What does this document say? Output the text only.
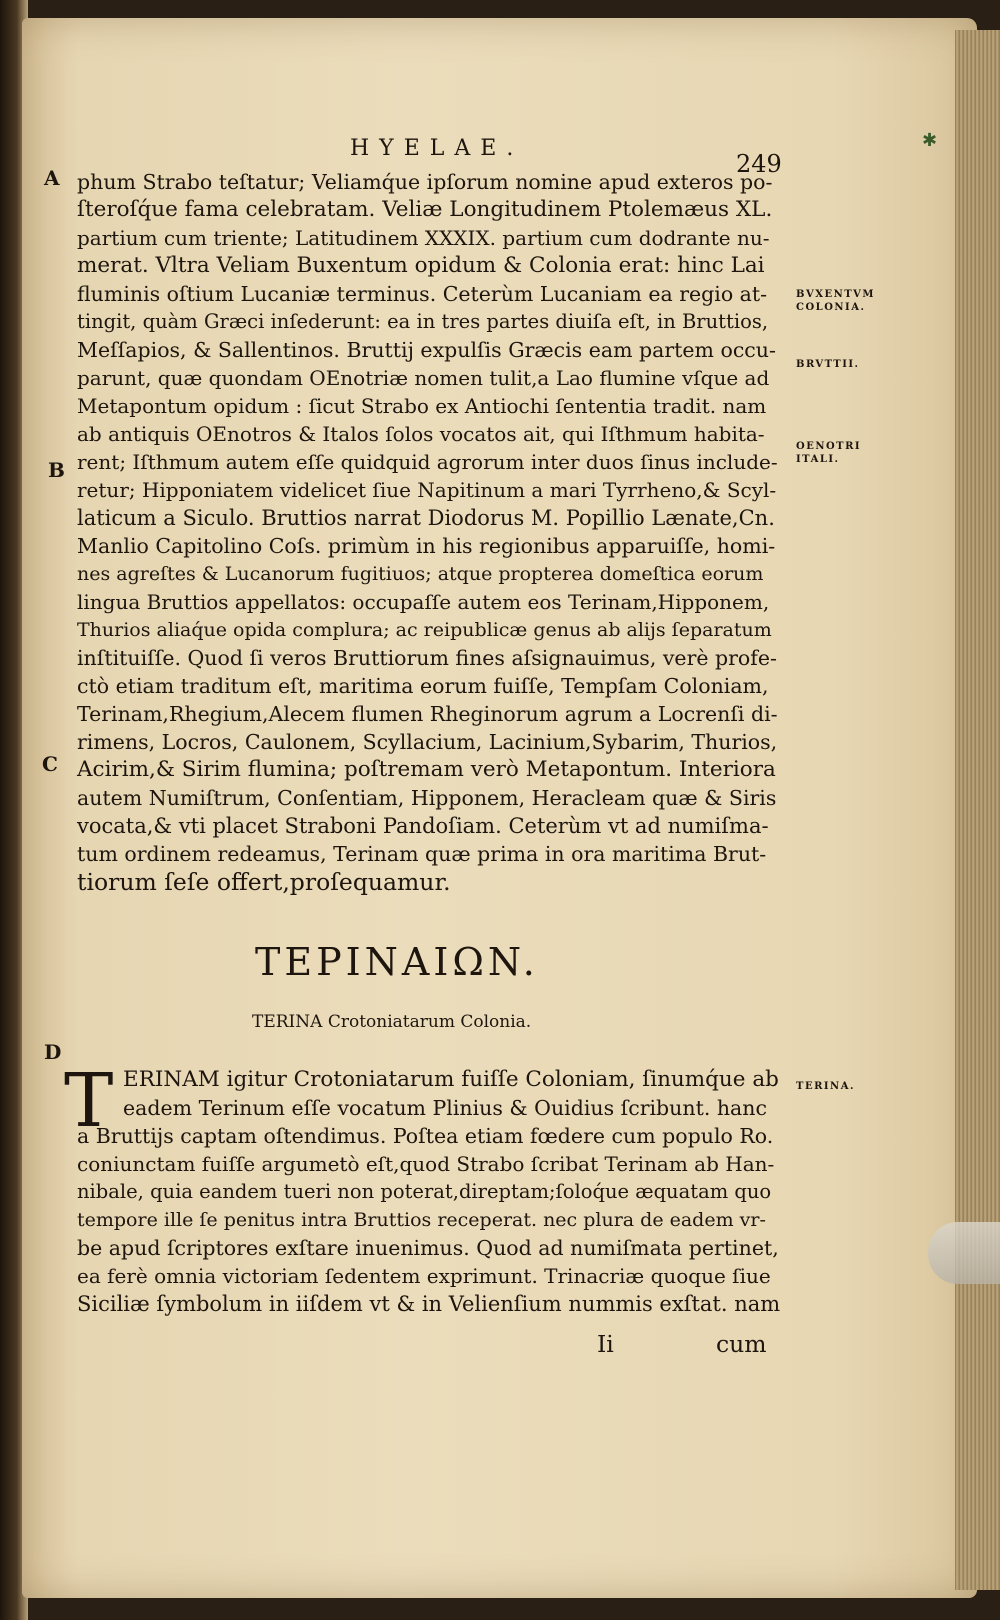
HYELAE.
249
✱
A
B
C
D
phum Strabo teſtatur; Veliamq́ue ipſorum nomine apud exteros po-
ſteroſq́ue fama celebratam. Veliæ Longitudinem Ptolemæus XL.
partium cum triente; Latitudinem XXXIX. partium cum dodrante nu-
merat. Vltra Veliam Buxentum opidum & Colonia erat: hinc Lai
fluminis oſtium Lucaniæ terminus. Ceterùm Lucaniam ea regio at-
tingit, quàm Græci inſederunt: ea in tres partes diuiſa eſt, in Bruttios,
Meſſapios, & Sallentinos. Bruttij expulſis Græcis eam partem occu-
parunt, quæ quondam OEnotriæ nomen tulit,a Lao flumine vſque ad
Metapontum opidum : ſicut Strabo ex Antiochi ſententia tradit. nam
ab antiquis OEnotros & Italos ſolos vocatos ait, qui Iſthmum habita-
rent; Iſthmum autem eſſe quidquid agrorum inter duos ſinus include-
retur; Hipponiatem videlicet ſiue Napitinum a mari Tyrrheno,& Scyl-
laticum a Siculo. Bruttios narrat Diodorus M. Popillio Lænate,Cn.
Manlio Capitolino Coſs. primùm in his regionibus apparuiſſe, homi-
nes agreſtes & Lucanorum fugitiuos; atque propterea domeſtica eorum
lingua Bruttios appellatos: occupaſſe autem eos Terinam,Hipponem,
Thurios aliaq́ue opida complura; ac reipublicæ genus ab alijs ſeparatum
inſtituiſſe. Quod ſi veros Bruttiorum fines aſsignauimus, verè profe-
ctò etiam traditum eſt, maritima eorum fuiſſe, Tempſam Coloniam,
Terinam,Rhegium,Alecem flumen Rheginorum agrum a Locrenſi di-
rimens, Locros, Caulonem, Scyllacium, Lacinium,Sybarim, Thurios,
Acirim,& Sirim flumina; poſtremam verò Metapontum. Interiora
autem Numiſtrum, Conſentiam, Hipponem, Heracleam quæ & Siris
vocata,& vti placet Straboni Pandoſiam. Ceterùm vt ad numiſma-
tum ordinem redeamus, Terinam quæ prima in ora maritima Brut-
tiorum ſeſe offert,proſequamur.
BVXENTVM COLONIA.
BRVTTII.
OENOTRI ITALI.
TERINA.
TEPINAIΩN.
TERINA Crotoniatarum Colonia.
T ERINAM igitur Crotoniatarum fuiſſe Coloniam, ſinumq́ue ab
eadem Terinum eſſe vocatum Plinius & Ouidius ſcribunt. hanc
a Bruttijs captam oſtendimus. Poſtea etiam fœdere cum populo Ro.
coniunctam fuiſſe argumetò eſt,quod Strabo ſcribat Terinam ab Han-
nibale, quia eandem tueri non poterat,direptam;ſoloq́ue æquatam quo
tempore ille ſe penitus intra Bruttios receperat. nec plura de eadem vr-
be apud ſcriptores exſtare inuenimus. Quod ad numiſmata pertinet,
ea ferè omnia victoriam ſedentem exprimunt. Trinacriæ quoque ſiue
Siciliæ ſymbolum in iiſdem vt & in Velienſium nummis exſtat. nam
Ii	cum
